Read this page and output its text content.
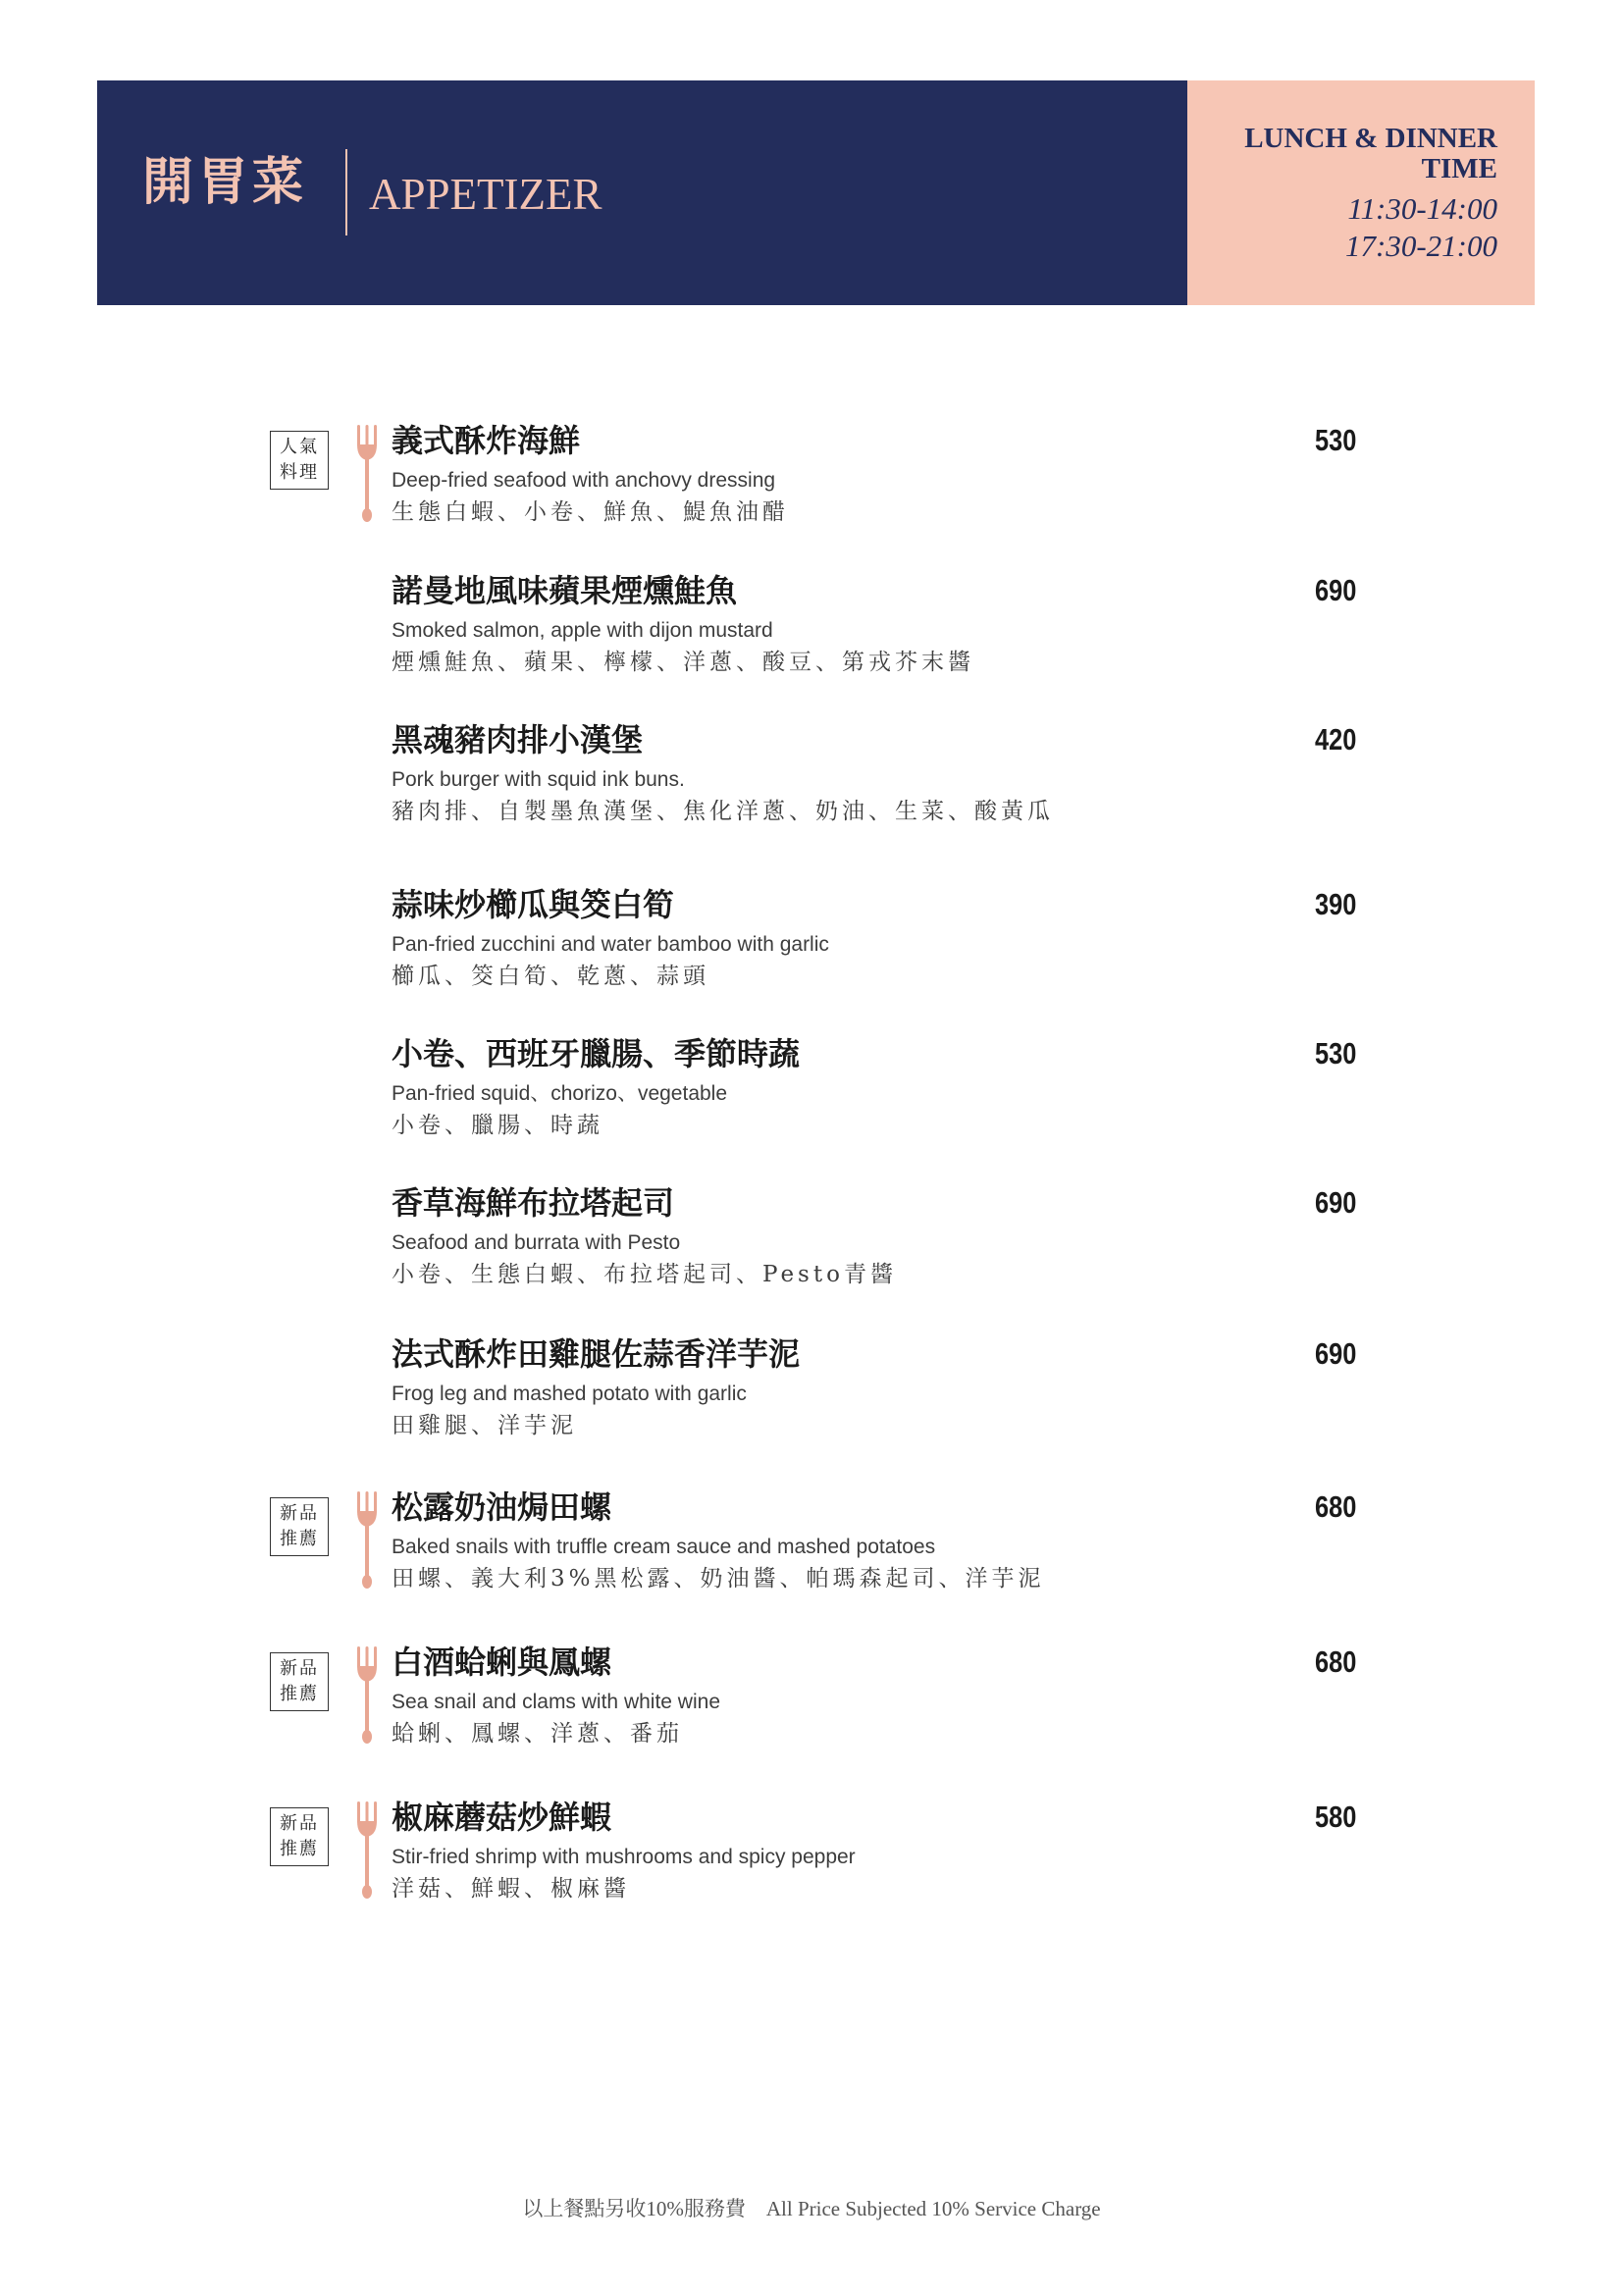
開胃菜 APPETIZER
LUNCH & DINNER TIME
11:30-14:00
17:30-21:00
義式酥炸海鮮
Deep-fried seafood with anchovy dressing
生態白蝦、小卷、鮮魚、鯷魚油醋
530
人氣料理
諾曼地風味蘋果煙燻鮭魚
Smoked salmon, apple with dijon mustard
煙燻鮭魚、蘋果、檸檬、洋蔥、酸豆、第戎芥末醬
690
黑魂豬肉排小漢堡
Pork burger with squid ink buns.
豬肉排、自製墨魚漢堡、焦化洋蔥、奶油、生菜、酸黃瓜
420
蒜味炒櫛瓜與筊白筍
Pan-fried zucchini and water bamboo with garlic
櫛瓜、筊白筍、乾蔥、蒜頭
390
小卷、西班牙臘腸、季節時蔬
Pan-fried squid、chorizo、vegetable
小卷、臘腸、時蔬
530
香草海鮮布拉塔起司
Seafood and burrata with Pesto
小卷、生態白蝦、布拉塔起司、Pesto青醬
690
法式酥炸田雞腿佐蒜香洋芋泥
Frog leg and mashed potato with garlic
田雞腿、洋芋泥
690
松露奶油焗田螺
Baked snails with truffle cream sauce and mashed potatoes
田螺、義大利3%黑松露、奶油醬、帕瑪森起司、洋芋泥
680
新品推薦
白酒蛤蜊與鳳螺
Sea snail and clams with white wine
蛤蜊、鳳螺、洋蔥、番茄
680
新品推薦
椒麻蘑菇炒鮮蝦
Stir-fried shrimp with mushrooms and spicy pepper
洋菇、鮮蝦、椒麻醬
580
新品推薦
以上餐點另收10%服務費 All Price Subjected 10% Service Charge
